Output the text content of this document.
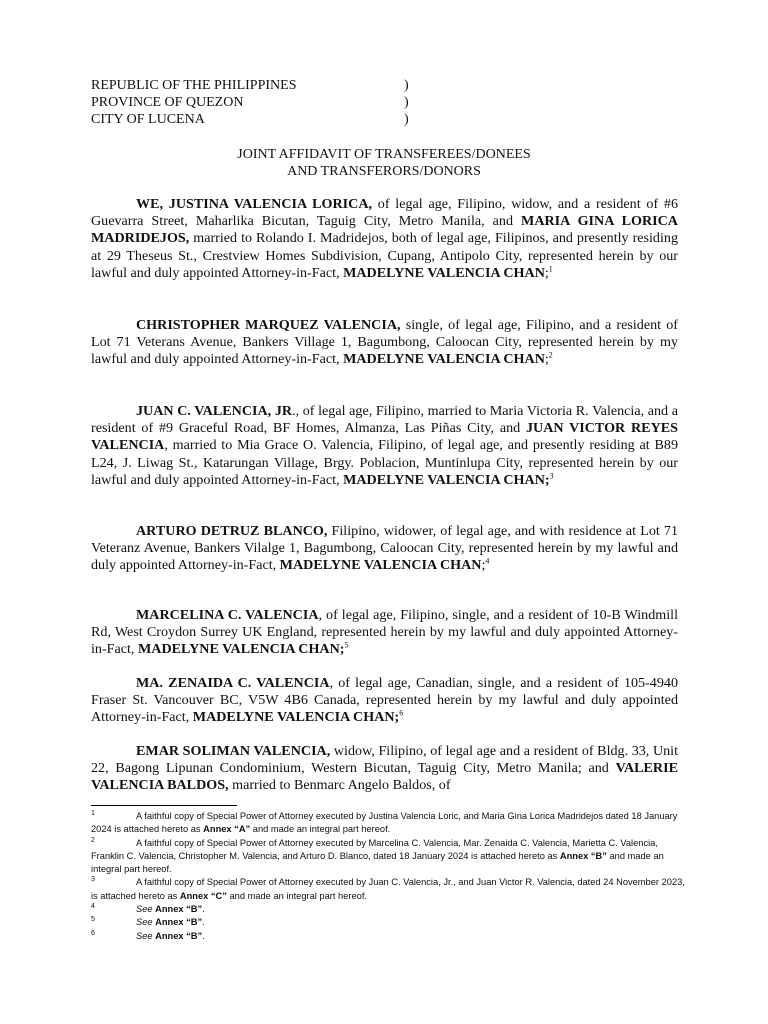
REPUBLIC OF THE PHILIPPINES	)
PROVINCE OF QUEZON	)
CITY OF LUCENA	)
JOINT AFFIDAVIT OF TRANSFEREES/DONEES
AND TRANSFERORS/DONORS
WE, JUSTINA VALENCIA LORICA, of legal age, Filipino, widow, and a resident of #6 Guevarra Street, Maharlika Bicutan, Taguig City, Metro Manila, and MARIA GINA LORICA MADRIDEJOS, married to Rolando I. Madridejos, both of legal age, Filipinos, and presently residing at 29 Theseus St., Crestview Homes Subdivision, Cupang, Antipolo City, represented herein by our lawful and duly appointed Attorney-in-Fact, MADELYNE VALENCIA CHAN;$^1$
CHRISTOPHER MARQUEZ VALENCIA, single, of legal age, Filipino, and a resident of Lot 71 Veterans Avenue, Bankers Village 1, Bagumbong, Caloocan City, represented herein by my lawful and duly appointed Attorney-in-Fact, MADELYNE VALENCIA CHAN;$^2$
JUAN C. VALENCIA, JR., of legal age, Filipino, married to Maria Victoria R. Valencia, and a resident of #9 Graceful Road, BF Homes, Almanza, Las Piñas City, and JUAN VICTOR REYES VALENCIA, married to Mia Grace O. Valencia, Filipino, of legal age, and presently residing at B89 L24, J. Liwag St., Katarungan Village, Brgy. Poblacion, Muntinlupa City, represented herein by our lawful and duly appointed Attorney-in-Fact, MADELYNE VALENCIA CHAN;$^3$
ARTURO DETRUZ BLANCO, Filipino, widower, of legal age, and with residence at Lot 71 Veteranz Avenue, Bankers Vilalge 1, Bagumbong, Caloocan City, represented herein by my lawful and duly appointed Attorney-in-Fact, MADELYNE VALENCIA CHAN;$^4$
MARCELINA C. VALENCIA, of legal age, Filipino, single, and a resident of 10-B Windmill Rd, West Croydon Surrey UK England, represented herein by my lawful and duly appointed Attorney-in-Fact, MADELYNE VALENCIA CHAN;$^5$
MA. ZENAIDA C. VALENCIA, of legal age, Canadian, single, and a resident of 105-4940 Fraser St. Vancouver BC, V5W 4B6 Canada, represented herein by my lawful and duly appointed Attorney-in-Fact, MADELYNE VALENCIA CHAN;$^6$
EMAR SOLIMAN VALENCIA, widow, Filipino, of legal age and a resident of Bldg. 33, Unit 22, Bagong Lipunan Condominium, Western Bicutan, Taguig City, Metro Manila; and VALERIE VALENCIA BALDOS, married to Benmarc Angelo Baldos, of
1	A faithful copy of Special Power of Attorney executed by Justina Valencia Loric, and Maria Gina Lorica Madridejos dated 18 January 2024 is attached hereto as Annex “A” and made an integral part hereof.
2	A faithful copy of Special Power of Attorney executed by Marcelina C. Valencia, Mar. Zenaida C. Valencia, Marietta C. Valencia, Franklin C. Valencia, Christopher M. Valencia, and Arturo D. Blanco, dated 18 January 2024 is attached hereto as Annex “B” and made an integral part hereof.
3	A faithful copy of Special Power of Attorney executed by Juan C. Valencia, Jr., and Juan Victor R. Valencia, dated 24 November 2023, is attached hereto as Annex “C” and made an integral part hereof.
4	See Annex “B”.
5	See Annex “B”.
6	See Annex “B”.
